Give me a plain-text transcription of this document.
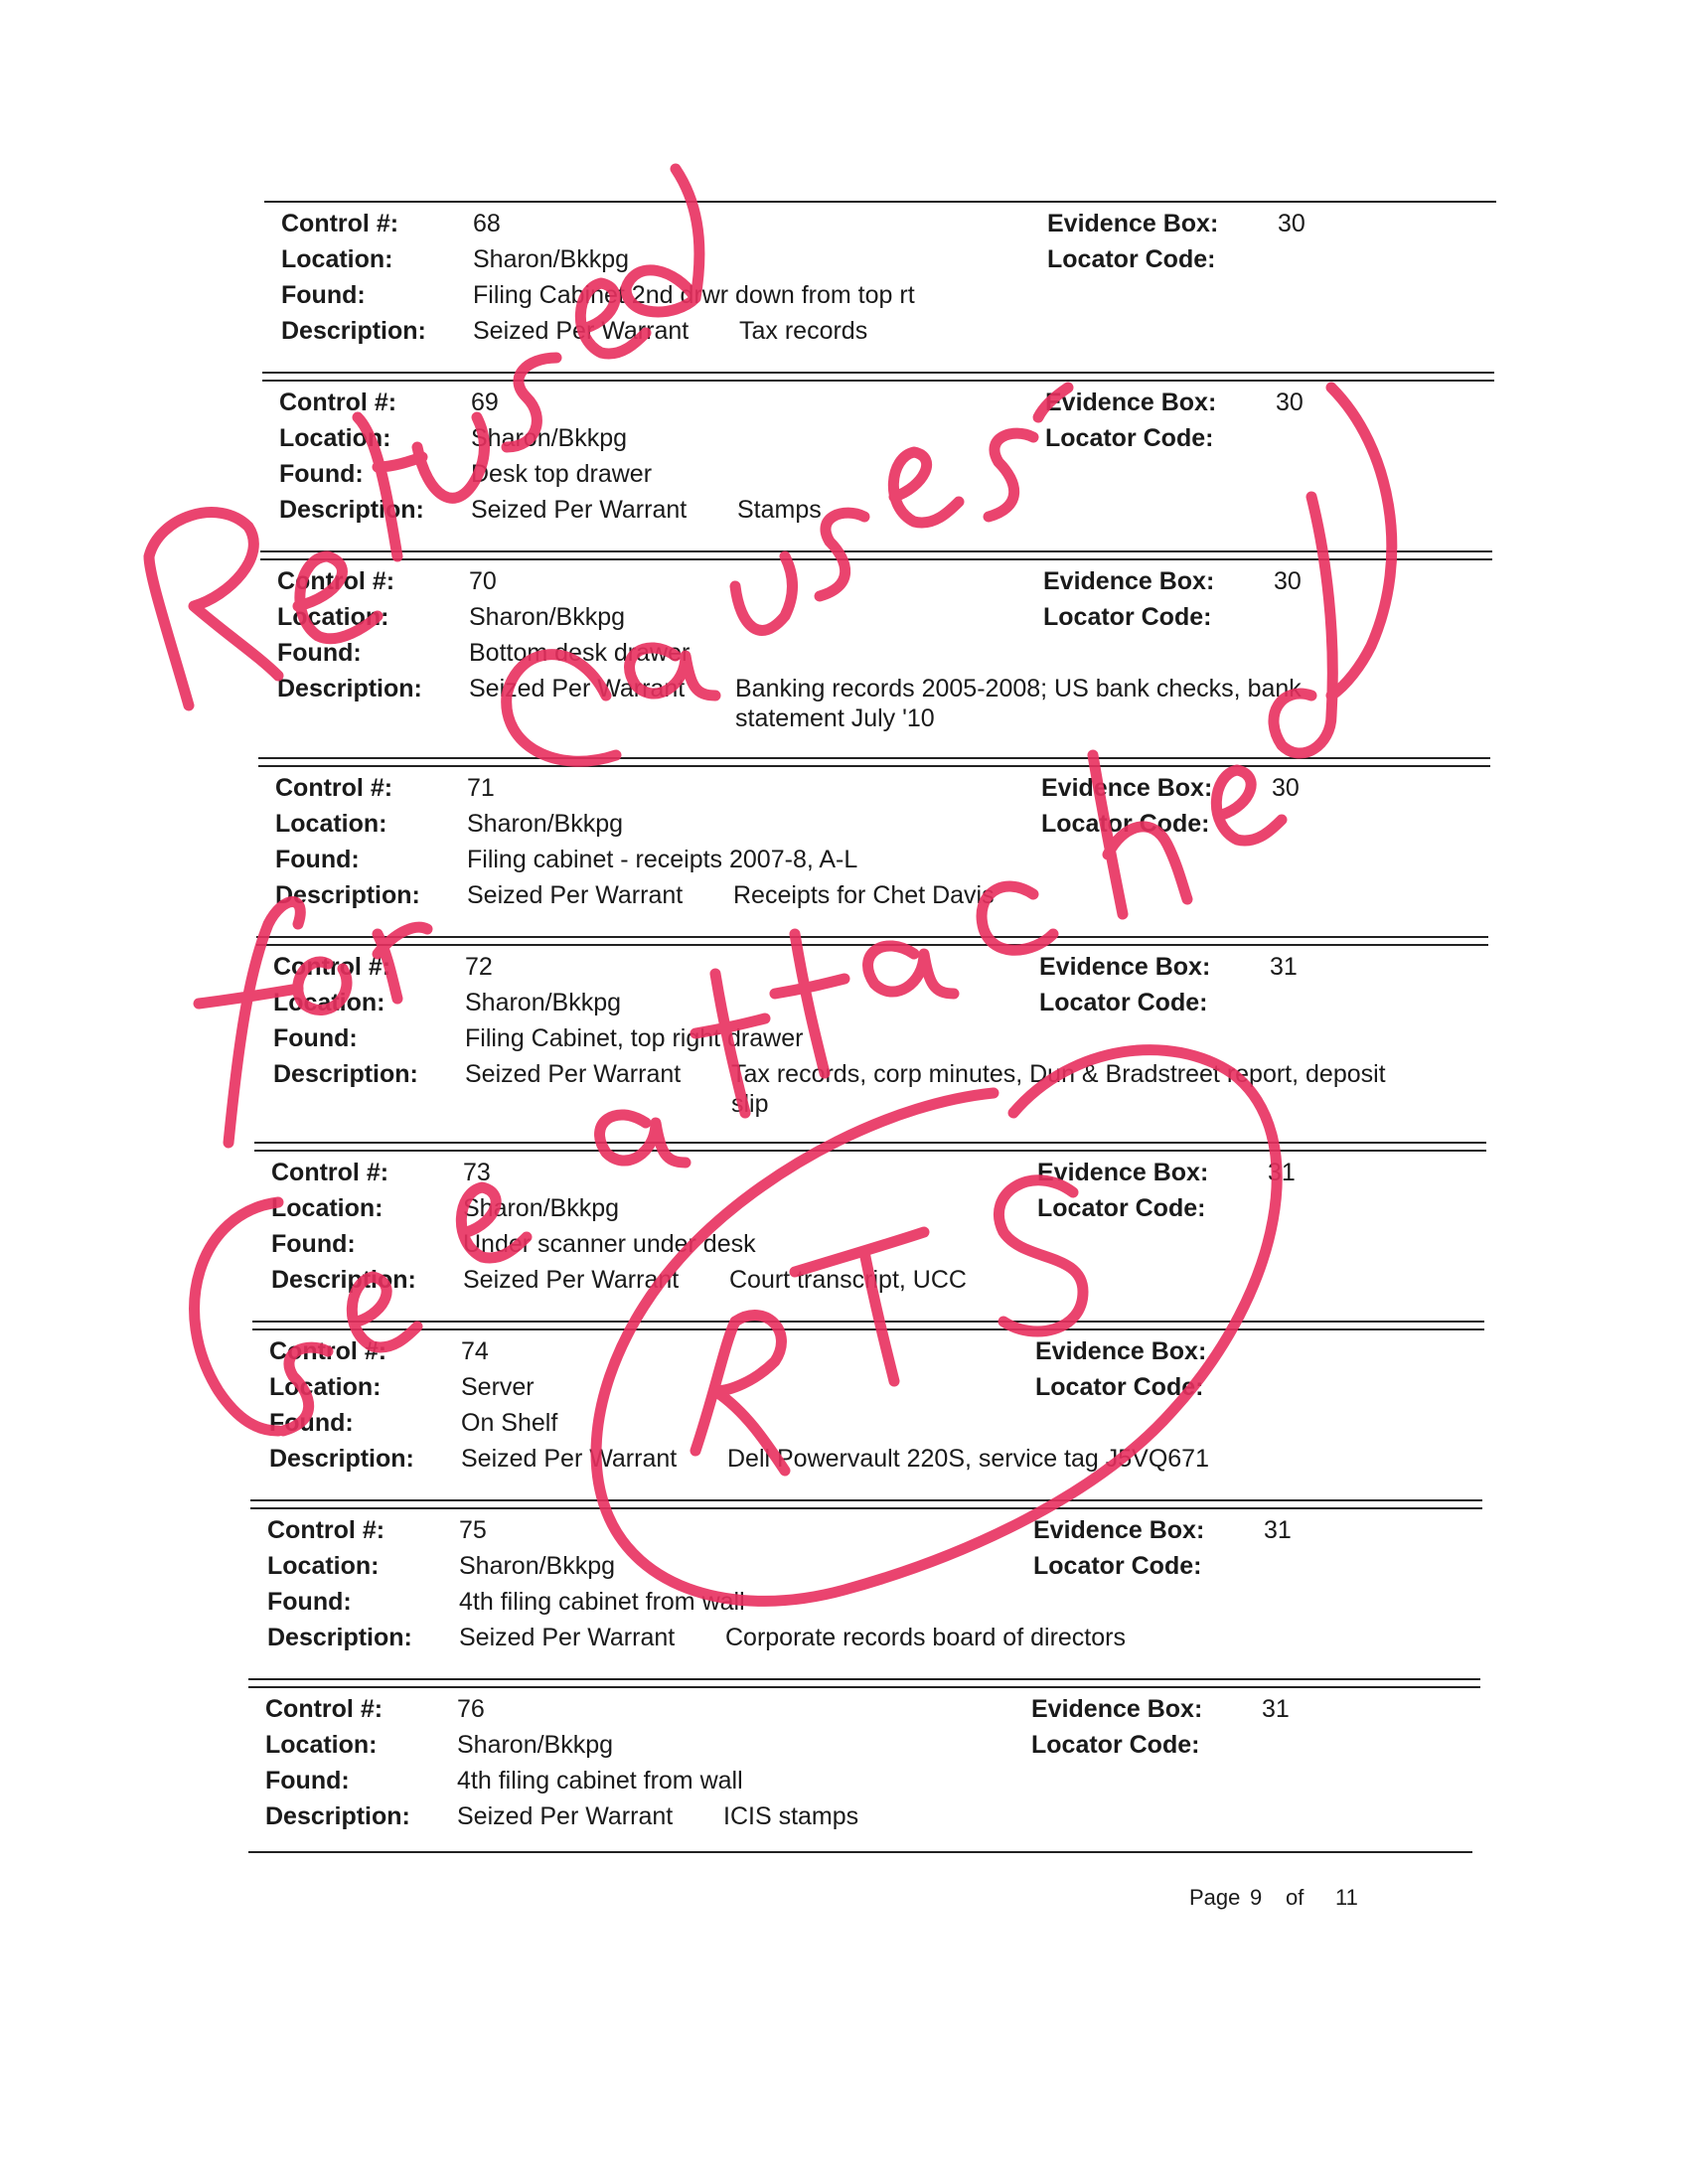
Control #:
Location:
Found:
Description:
68
Sharon/Bkkpg
Filing Cabinet 2nd drwr down from top rt
Seized Per Warrant Tax records
Evidence Box:
Locator Code:
30
Control #:
Location:
Found:
Description:
69
Sharon/Bkkpg
Desk top drawer
Seized Per Warrant Stamps
Evidence Box:
Locator Code:
30
Control #:
Location:
Found:
Description:
70
Sharon/Bkkpg
Bottom desk drawer
Seized Per Warrant Banking records 2005-2008; US bank checks, bank
statement July '10
Evidence Box:
Locator Code:
30
Control #:
Location:
Found:
Description:
71
Sharon/Bkkpg
Filing cabinet - receipts 2007-8, A-L
Seized Per Warrant Receipts for Chet Davis
Evidence Box:
Locator Code:
30
Control #:
Location:
Found:
Description:
72
Sharon/Bkkpg
Filing Cabinet, top right drawer
Seized Per Warrant Tax records, corp minutes, Dun & Bradstreet report, deposit
slip
Evidence Box:
Locator Code:
31
Control #:
Location:
Found:
Description:
73
Sharon/Bkkpg
Under scanner under desk
Seized Per Warrant Court transcript, UCC
Evidence Box:
Locator Code:
31
Control #:
Location:
Found:
Description:
74
Server
On Shelf
Seized Per Warrant Dell Powervault 220S, service tag J5VQ671
Evidence Box:
Locator Code:
Control #:
Location:
Found:
Description:
75
Sharon/Bkkpg
4th filing cabinet from wall
Seized Per Warrant Corporate records board of directors
Evidence Box:
Locator Code:
31
Control #:
Location:
Found:
Description:
76
Sharon/Bkkpg
4th filing cabinet from wall
Seized Per Warrant ICIS stamps
Evidence Box:
Locator Code:
31
Page 9 of 11
